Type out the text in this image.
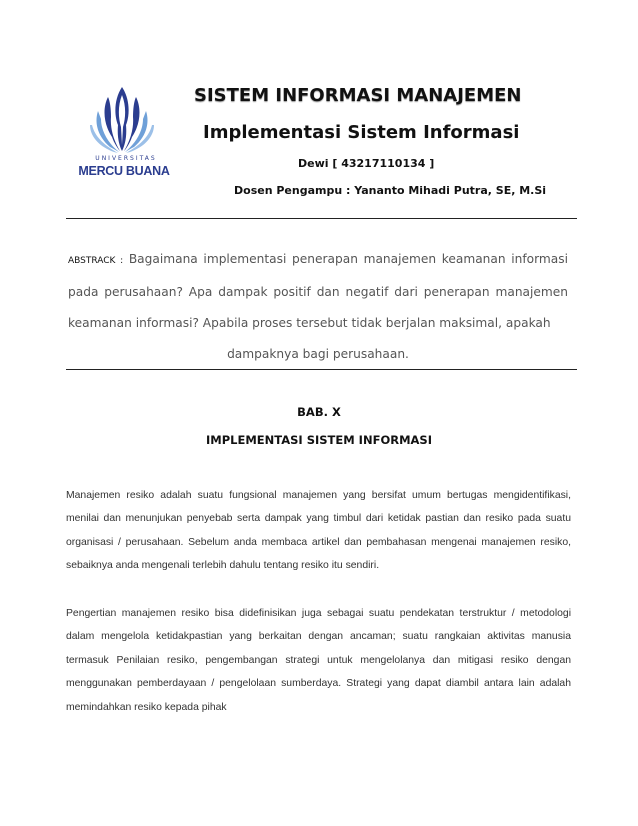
UNIVERSITAS
MERCU BUANA
SISTEM INFORMASI MANAJEMEN
Implementasi Sistem Informasi
Dewi [ 43217110134 ]
Dosen Pengampu : Yananto Mihadi Putra, SE, M.Si
ABSTRACK : Bagaimana implementasi penerapan manajemen keamanan informasi pada perusahaan? Apa dampak positif dan negatif dari penerapan manajemen keamanan informasi? Apabila proses tersebut tidak berjalan maksimal, apakah
dampaknya bagi perusahaan.
BAB. X
IMPLEMENTASI SISTEM INFORMASI

Manajemen resiko adalah suatu fungsional manajemen yang bersifat umum bertugas mengidentifikasi, menilai dan menunjukan penyebab serta dampak yang timbul dari ketidak pastian dan resiko pada suatu organisasi / perusahaan. Sebelum anda membaca artikel dan pembahasan mengenai manajemen resiko, sebaiknya anda mengenali terlebih dahulu tentang resiko itu sendiri.

Pengertian manajemen resiko bisa didefinisikan juga sebagai suatu pendekatan terstruktur / metodologi dalam mengelola ketidakpastian yang berkaitan dengan ancaman; suatu rangkaian aktivitas manusia termasuk Penilaian resiko, pengembangan strategi untuk mengelolanya dan mitigasi resiko dengan menggunakan pemberdayaan / pengelolaan sumberdaya. Strategi yang dapat diambil antara lain adalah memindahkan resiko kepada pihak
